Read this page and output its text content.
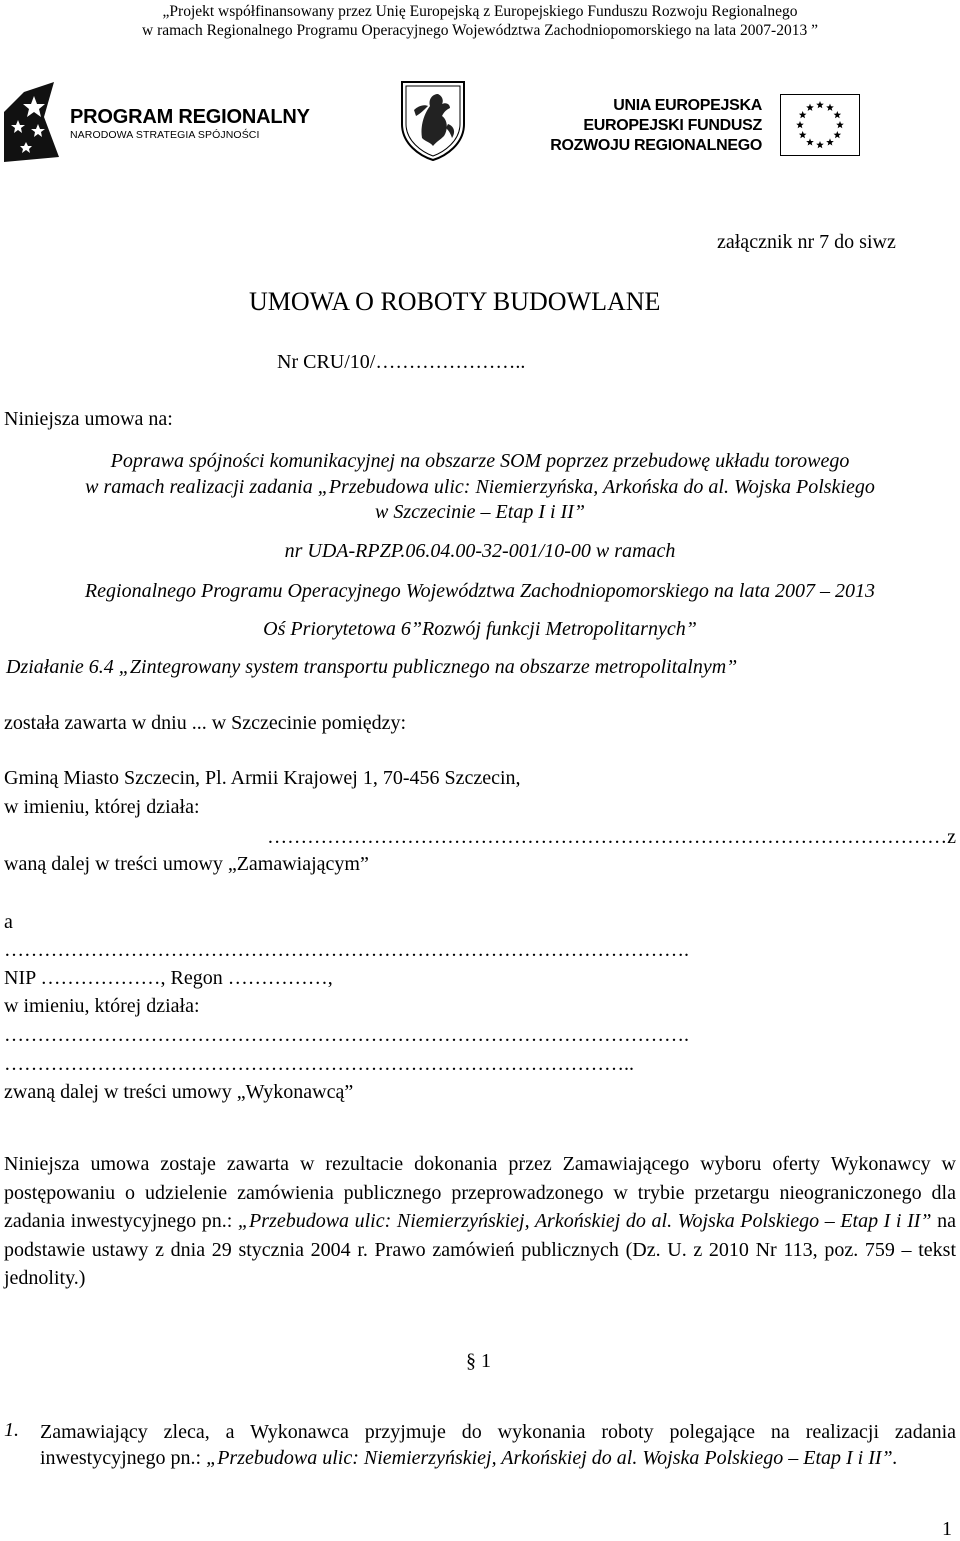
„Projekt współfinansowany przez Unię Europejską z Europejskiego Funduszu Rozwoju Regionalnego
w ramach Regionalnego Programu Operacyjnego Województwa Zachodniopomorskiego na lata 2007-2013 ”
PROGRAM REGIONALNY
NARODOWA STRATEGIA SPÓJNOŚCI
UNIA EUROPEJSKA
EUROPEJSKI FUNDUSZ
ROZWOJU REGIONALNEGO
załącznik nr 7 do siwz
UMOWA O ROBOTY BUDOWLANE
Nr CRU/10/…………………..
Niniejsza umowa na:
Poprawa spójności komunikacyjnej na obszarze SOM poprzez przebudowę układu torowego
w ramach realizacji zadania „Przebudowa ulic: Niemierzyńska, Arkońska do al. Wojska Polskiego
w Szczecinie – Etap I i II”
nr UDA-RPZP.06.04.00-32-001/10-00 w ramach
Regionalnego Programu Operacyjnego Województwa Zachodniopomorskiego na lata 2007 – 2013
Oś Priorytetowa 6”Rozwój funkcji Metropolitarnych”
Działanie 6.4 „Zintegrowany system transportu publicznego na obszarze metropolitalnym”
została zawarta w dniu ... w Szczecinie pomiędzy:
Gminą Miasto Szczecin, Pl. Armii Krajowej 1, 70-456 Szczecin,
w imieniu, której działa:
…………………………………………………………………………………………z
waną dalej w treści umowy „Zamawiającym”
a
………………………………………………………………………………………….
NIP ………………, Regon ……………,
w imieniu, której działa:
………………………………………………………………………………………….
…………………………………………………………………………………..
zwaną dalej w treści umowy „Wykonawcą”
Niniejsza umowa zostaje zawarta w rezultacie dokonania przez Zamawiającego wyboru oferty Wykonawcy w postępowaniu o udzielenie zamówienia publicznego przeprowadzonego w trybie przetargu nieograniczonego dla zadania inwestycyjnego pn.: „Przebudowa ulic: Niemierzyńskiej, Arkońskiej do al. Wojska Polskiego – Etap I i II” na podstawie ustawy z dnia 29 stycznia 2004 r. Prawo zamówień publicznych (Dz. U. z 2010 Nr 113, poz. 759 – tekst jednolity.)
§ 1
1. Zamawiający zleca, a Wykonawca przyjmuje do wykonania roboty polegające na realizacji zadania inwestycyjnego pn.: „Przebudowa ulic: Niemierzyńskiej, Arkońskiej do al. Wojska Polskiego – Etap I i II”.
1
